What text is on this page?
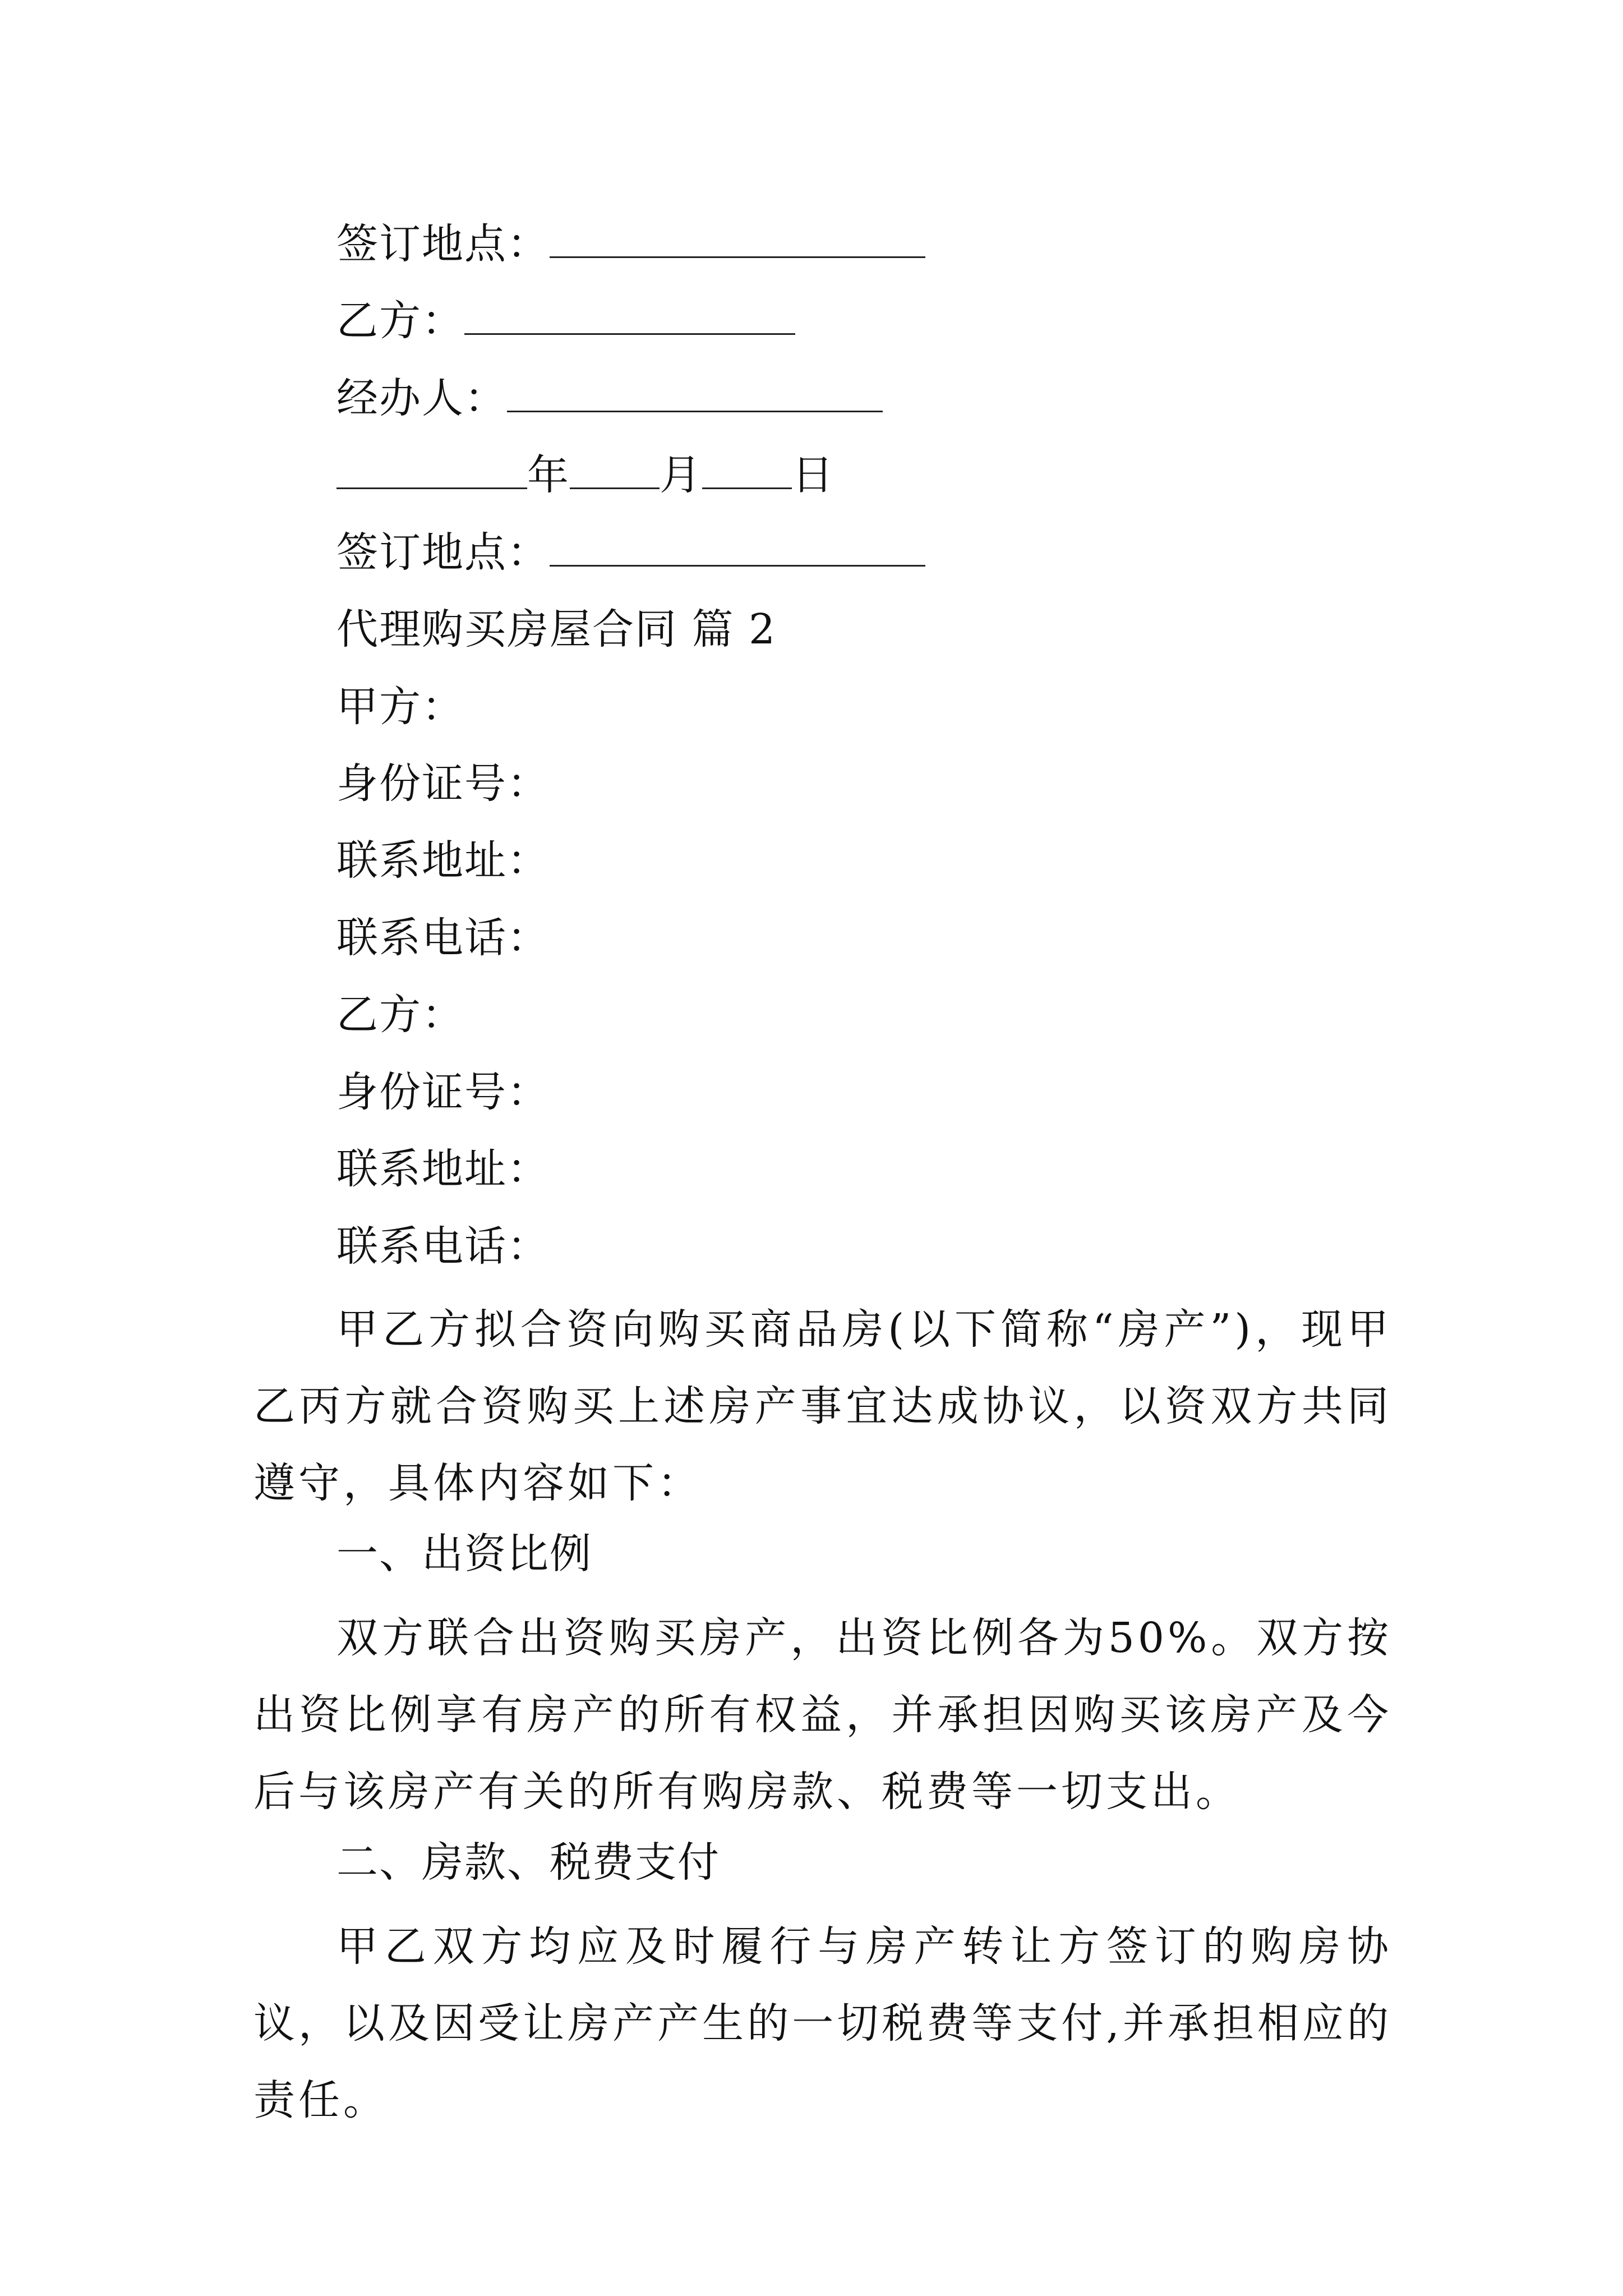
签订地点：
乙方：
经办人：
年 月 日
签订地点：
代理购买房屋合同 篇 2
甲方：
身份证号：
联系地址：
联系电话：
乙方：
身份证号：
联系地址：
联系电话：
甲乙方拟合资向购买商品房(以下简称“房产”)，现甲乙丙方就合资购买上述房产事宜达成协议，以资双方共同遵守，具体内容如下：
一、出资比例
双方联合出资购买房产，出资比例各为50%。双方按出资比例享有房产的所有权益，并承担因购买该房产及今后与该房产有关的所有购房款、税费等一切支出。
二、房款、税费支付
甲乙双方均应及时履行与房产转让方签订的购房协议，以及因受让房产产生的一切税费等支付,并承担相应的责任。
